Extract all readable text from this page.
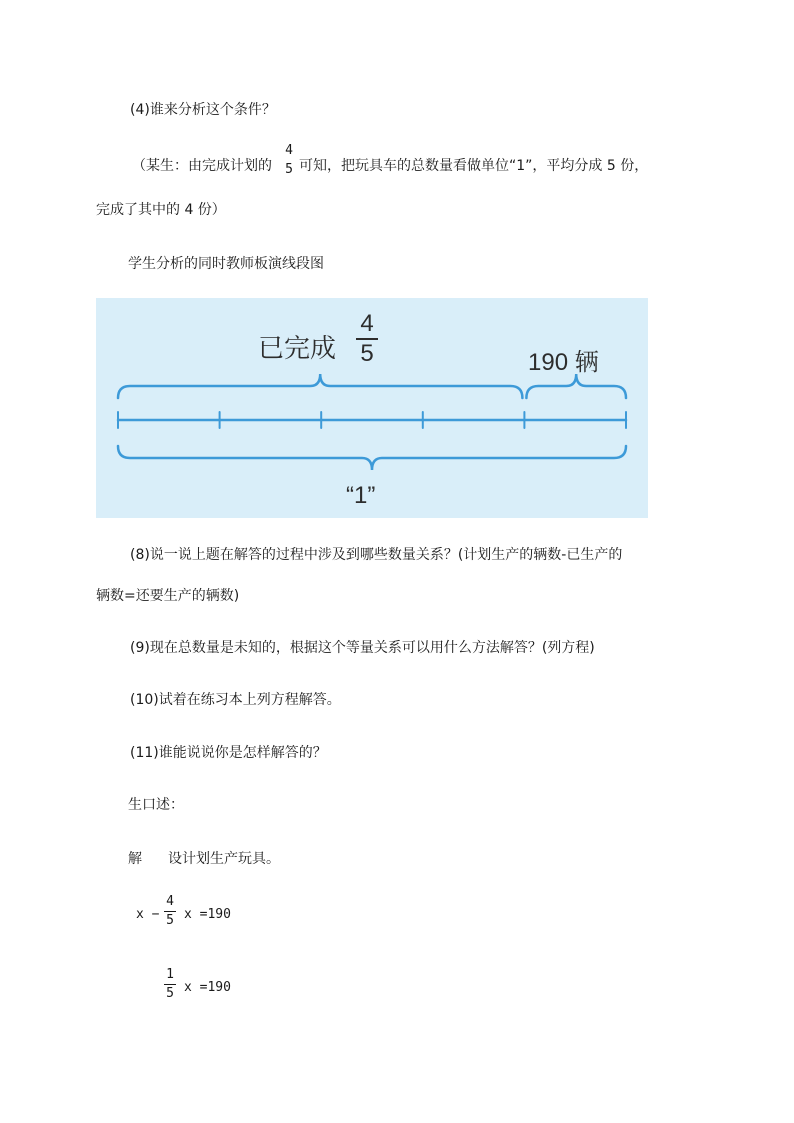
(4)谁来分析这个条件？
（某生：由完成计划的
4
5 可知，把玩具车的总数量看做单位“1”，平均分成 5 份，
完成了其中的 4 份）
学生分析的同时教师板演线段图
已完成
4
5	190 辆
“1”
(8)说一说上题在解答的过程中涉及到哪些数量关系？(计划生产的辆数-已生产的
辆数=还要生产的辆数)
(9)现在总数量是未知的，根据这个等量关系可以用什么方法解答？(列方程)
(10)试着在练习本上列方程解答。
(11)谁能说说你是怎样解答的？
生口述：
解 设计划生产玩具。
x −
4
5 x =190
1
5 x =190
